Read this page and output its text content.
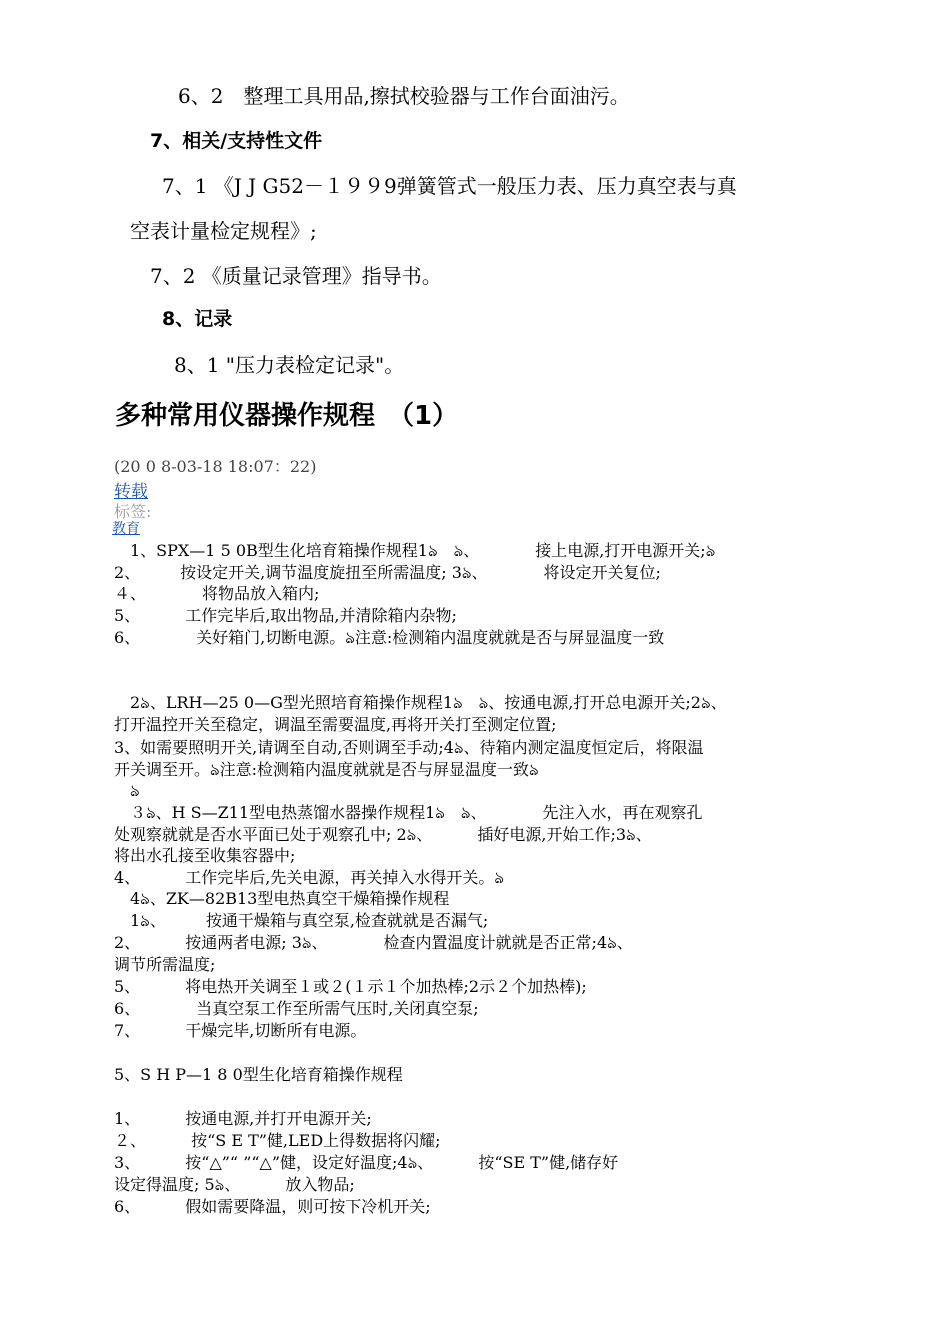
6、2　整理工具用品,擦拭校验器与工作台面油污。
7、相关/支持性文件
7、1 《J J G52－１９９9弹簧管式一般压力表、压力真空表与真
空表计量检定规程》;
7、2 《质量记录管理》指导书。
8、记录
8、1 "压力表检定记录"。
多种常用仪器操作规程　（1）
(20 0 8-03-18 18:07：22)
转载
标签:
教育
　1、SPX—1 5 0B型生化培育箱操作规程1ঌ　ঌ、　　　　接上电源,打开电源开关;ঌ
2、　　　按设定开关,调节温度旋扭至所需温度; 3ঌ、　　　　将设定开关复位;
４、　　　　将物品放入箱内;
5、　　　 工作完毕后,取出物品,并清除箱内杂物;
6、　　　　关好箱门,切断电源。ঌ注意:检测箱内温度就就是否与屏显温度一致
　2ঌ、LRH—25 0—G型光照培育箱操作规程1ঌ　ঌ、按通电源,打开总电源开关;2ঌ、
打开温控开关至稳定，调温至需要温度,再将开关打至测定位置;
3、如需要照明开关,请调至自动,否则调至手动;4ঌ、待箱内测定温度恒定后，将限温
开关调至开。ঌ注意:检测箱内温度就就是否与屏显温度一致ঌ
　ঌ
　３ঌ、H S—Z11型电热蒸馏水器操作规程1ঌ　ঌ、　　　　先注入水，再在观察孔
处观察就就是否水平面已处于观察孔中; 2ঌ、　　　 插好电源,开始工作;3ঌ、
将出水孔接至收集容器中;
4、　　　 工作完毕后,先关电源，再关掉入水得开关。ঌ
　4ঌ、ZK—82B13型电热真空干燥箱操作规程
　1ঌ、　　　按通干燥箱与真空泵,检查就就是否漏气;
2、　　　 按通两者电源; 3ঌ、　　　　检查内置温度计就就是否正常;4ঌ、
调节所需温度;
5、　　　 将电热开关调至１或２(１示１个加热棒;2示２个加热棒);
6、　　　　当真空泵工作至所需气压时,关闭真空泵;
7、　　　 干燥完毕,切断所有电源。
5、S H P—1 8 0型生化培育箱操作规程
1、　　　 按通电源,并打开电源开关;
２、　　　 按“S E T”健,LED上得数据将闪耀;
3、　　　 按“△”“ ”“△”健，设定好温度;4ঌ、　　　 按“SE T”健,储存好
设定得温度; 5ঌ、　　　 放入物品;
6、　　　 假如需要降温，则可按下冷机开关;
